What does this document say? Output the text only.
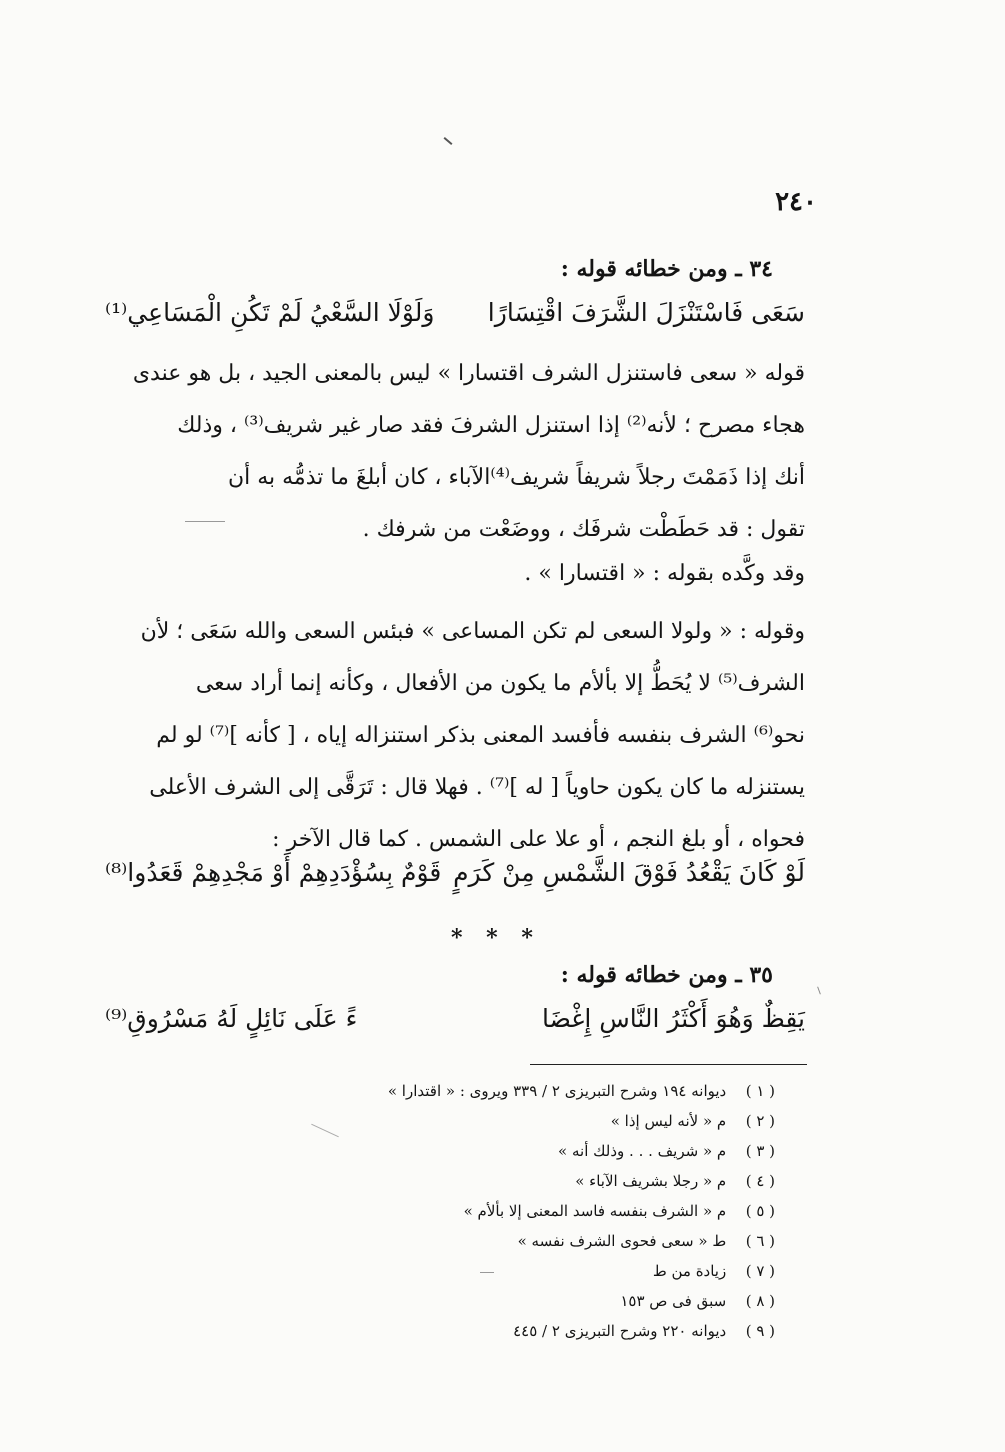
٢٤٠
٣٤ ـ ومن خطائه قوله :
سَعَى فَاسْتَنْزَلَ الشَّرَفَ اقْتِسَارًا
وَلَوْلَا السَّعْيُ لَمْ تَكُنِ الْمَسَاعِي⁽¹⁾
قوله « سعى فاستنزل الشرف اقتسارا » ليس بالمعنى الجيد ، بل هو عندى
هجاء مصرح ؛ لأنه⁽²⁾ إذا استنزل الشرفَ فقد صار غير شريف⁽³⁾ ، وذلك
أنك إذا ذَمَمْتَ رجلاً شريفاً شريف⁽⁴⁾الآباء ، كان أبلغَ ما تذمُّه به أن
تقول : قد حَطَطْت شرفَك ، ووضَعْت من شرفك .
وقد وكَّده بقوله : « اقتسارا » .
وقوله : « ولولا السعى لم تكن المساعى » فبئس السعى والله سَعَى ؛ لأن
الشرف⁽⁵⁾ لا يُحَطُّ إلا بألأم ما يكون من الأفعال ، وكأنه إنما أراد سعى
نحو⁽⁶⁾ الشرف بنفسه فأفسد المعنى بذكر استنزاله إياه ، [ كأنه ]⁽⁷⁾ لو لم
يستنزله ما كان يكون حاوياً [ له ]⁽⁷⁾ . فهلا قال : تَرَقَّى إلى الشرف الأعلى
فحواه ، أو بلغ النجم ، أو علا على الشمس . كما قال الآخر :
لَوْ كَانَ يَقْعُدُ فَوْقَ الشَّمْسِ مِنْ كَرَمٍ
قَوْمٌ بِسُؤْدَدِهِمْ أَوْ مَجْدِهِمْ قَعَدُوا⁽⁸⁾
* * *
٣٥ ـ ومن خطائه قوله :
يَقِظٌ وَهُوَ أَكْثَرُ النَّاسِ إِغْضَا
ءً عَلَى نَائِلٍ لَهُ مَسْرُوقِ⁽⁹⁾
( ١ ) ديوانه ١٩٤ وشرح التبريزى ٢ / ٣٣٩ ويروى : « اقتدارا »
( ٢ ) م « لأنه ليس إذا »
( ٣ ) م « شريف . . . وذلك أنه »
( ٤ ) م « رجلا بشريف الآباء »
( ٥ ) م « الشرف بنفسه فاسد المعنى إلا بألأم »
( ٦ ) ط « سعى فحوى الشرف نفسه »
( ٧ ) زيادة من ط
( ٨ ) سبق فى ص ١٥٣
( ٩ ) ديوانه ٢٢٠ وشرح التبريزى ٢ / ٤٤٥
